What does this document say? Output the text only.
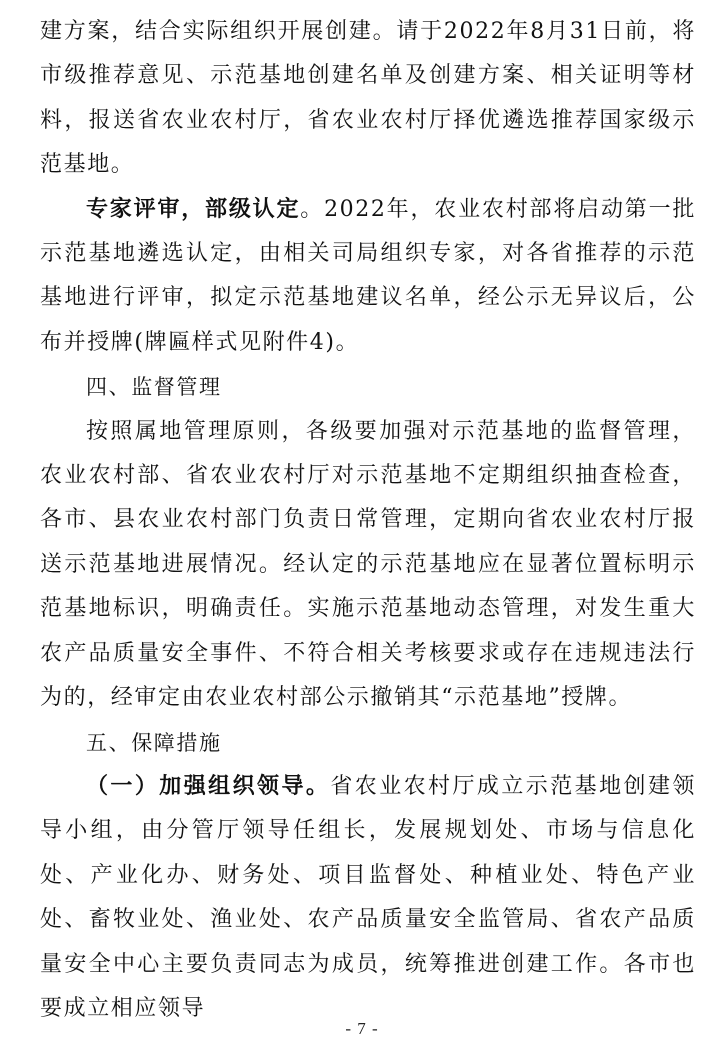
建方案，结合实际组织开展创建。请于2022年8月31日前，将市级推荐意见、示范基地创建名单及创建方案、相关证明等材料，报送省农业农村厅，省农业农村厅择优遴选推荐国家级示范基地。

专家评审，部级认定。2022年，农业农村部将启动第一批示范基地遴选认定，由相关司局组织专家，对各省推荐的示范基地进行评审，拟定示范基地建议名单，经公示无异议后，公布并授牌(牌匾样式见附件4)。

四、监督管理

按照属地管理原则，各级要加强对示范基地的监督管理，农业农村部、省农业农村厅对示范基地不定期组织抽查检查，各市、县农业农村部门负责日常管理，定期向省农业农村厅报送示范基地进展情况。经认定的示范基地应在显著位置标明示范基地标识，明确责任。实施示范基地动态管理，对发生重大农产品质量安全事件、不符合相关考核要求或存在违规违法行为的，经审定由农业农村部公示撤销其“示范基地”授牌。

五、保障措施

（一）加强组织领导。省农业农村厅成立示范基地创建领导小组，由分管厅领导任组长，发展规划处、市场与信息化处、产业化办、财务处、项目监督处、种植业处、特色产业处、畜牧业处、渔业处、农产品质量安全监管局、省农产品质量安全中心主要负责同志为成员，统筹推进创建工作。各市也要成立相应领导

- 7 -
